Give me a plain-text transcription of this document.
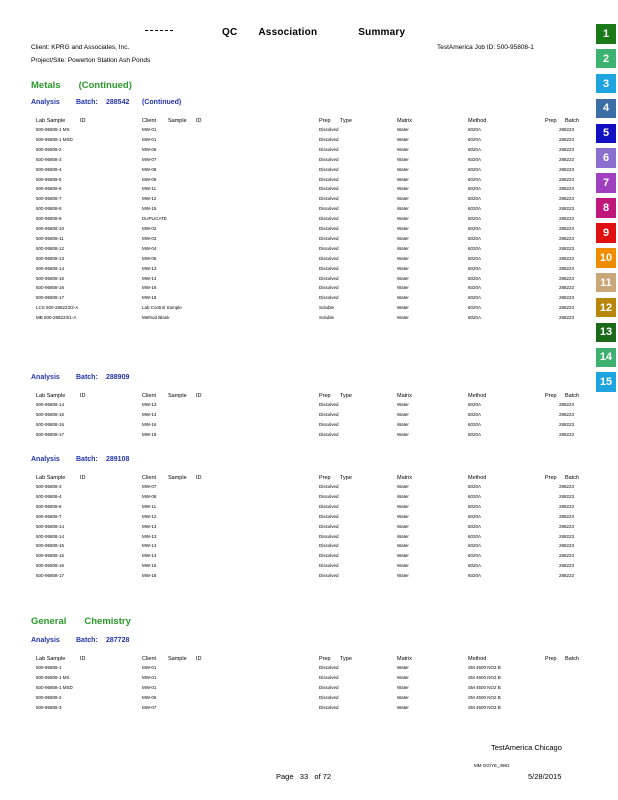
QC Association	Summary
Client: KPRG and Associates, Inc.
Project/Site: Powerton Station Ash Ponds
TestAmerica Job ID: 500-95808-1
Metals (Continued)
Analysis Batch: 288542 (Continued)
Lab Sample	ID	Client Sample ID	Prep Type	Matrix	Method	Prep Batch
500-95808-1 MS	MW-01	Dissolved	Water	6020A	288223
500-95808-1 MSD	MW-01	Dissolved	Water	6020A	288223
500-95808-2	MW-06	Dissolved	Water	6020A	288223
500-95808-3	MW-07	Dissolved	Water	6020A	288223
500-95808-4	MW-08	Dissolved	Water	6020A	288223
500-95808-5	MW-09	Dissolved	Water	6020A	288223
500-95808-6	MW-11	Dissolved	Water	6020A	288223
500-95808-7	MW-12	Dissolved	Water	6020A	288223
500-95808-8	MW-15	Dissolved	Water	6020A	288223
500-95808-9	DUPLICATE	Dissolved	Water	6020A	288223
500-95808-10	MW-02	Dissolved	Water	6020A	288223
500-95808-11	MW-03	Dissolved	Water	6020A	288223
500-95808-12	MW-04	Dissolved	Water	6020A	288223
500-95808-13	MW-05	Dissolved	Water	6020A	288223
500-95808-14	MW-13	Dissolved	Water	6020A	288223
500-95808-15	MW-14	Dissolved	Water	6020A	288223
500-95808-16	MW-16	Dissolved	Water	6020A	288223
500-95808-17	MW-18	Dissolved	Water	6020A	288223
LCS 500-288223/2-A	Lab Control Sample	Soluble	Water	6020A	288223
MB 500-288223/1-A	Method Blank	Soluble	Water	6020A	288223
Analysis Batch: 288909
Lab Sample	ID	Client Sample ID	Prep Type	Matrix	Method	Prep Batch
500-95808-14	MW-13	Dissolved	Water	6020A	288223
500-95808-15	MW-14	Dissolved	Water	6020A	288223
500-95808-16	MW-16	Dissolved	Water	6020A	288223
500-95808-17	MW-18	Dissolved	Water	6020A	288223
Analysis Batch: 289108
Lab Sample	ID	Client Sample ID	Prep Type	Matrix	Method	Prep Batch
500-95808-3	MW-07	Dissolved	Water	6020A	288223
500-95808-4	MW-08	Dissolved	Water	6020A	288223
500-95808-6	MW-11	Dissolved	Water	6020A	288223
500-95808-7	MW-12	Dissolved	Water	6020A	288223
500-95808-14	MW-13	Dissolved	Water	6020A	288223
500-95808-14	MW-13	Dissolved	Water	6020A	288223
500-95808-15	MW-14	Dissolved	Water	6020A	288223
500-95808-15	MW-14	Dissolved	Water	6020A	288223
500-95808-16	MW-16	Dissolved	Water	6020A	288223
500-95808-17	MW-18	Dissolved	Water	6020A	288223
General Chemistry
Analysis Batch: 287728
Lab Sample	ID	Client Sample ID	Prep Type	Matrix	Method	Prep Batch
500-95808-1	MW-01	Dissolved	Water	SM 4500 NO2 B
500-95808-1 MS	MW-01	Dissolved	Water	SM 4500 NO2 B
500-95808-1 MSD	MW-01	Dissolved	Water	SM 4500 NO2 B
500-95808-2	MW-06	Dissolved	Water	SM 4500 NO2 B
500-95808-3	MW-07	Dissolved	Water	SM 4500 NO2 B
1
2
3
4
5
6
7
8
9
10
11
12
13
14
15
TestAmerica Chicago
MM GG/YE_4981
Page 33 of 72	5/28/2015
